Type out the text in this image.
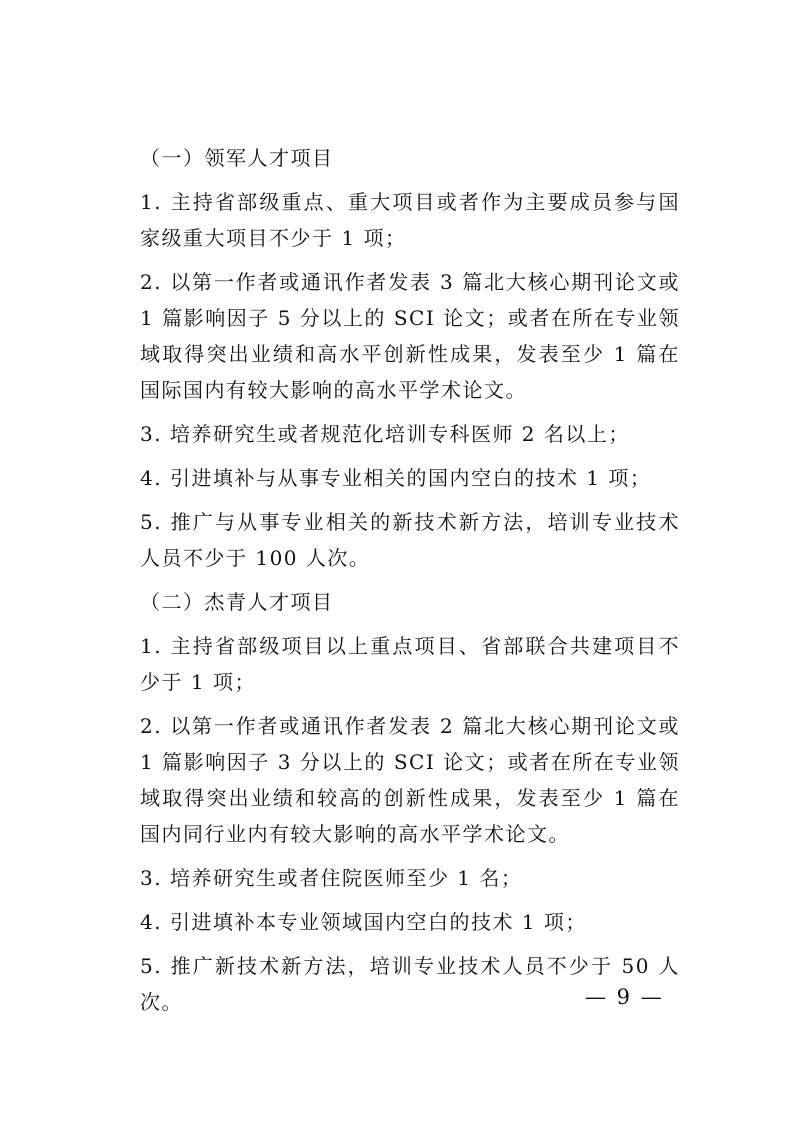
（一）领军人才项目

1. 主持省部级重点、重大项目或者作为主要成员参与国家级重大项目不少于 1 项；

2. 以第一作者或通讯作者发表 3 篇北大核心期刊论文或 1 篇影响因子 5 分以上的 SCI 论文；或者在所在专业领域取得突出业绩和高水平创新性成果，发表至少 1 篇在国际国内有较大影响的高水平学术论文。

3. 培养研究生或者规范化培训专科医师 2 名以上；

4. 引进填补与从事专业相关的国内空白的技术 1 项；

5. 推广与从事专业相关的新技术新方法，培训专业技术人员不少于 100 人次。

（二）杰青人才项目

1. 主持省部级项目以上重点项目、省部联合共建项目不少于 1 项；

2. 以第一作者或通讯作者发表 2 篇北大核心期刊论文或 1 篇影响因子 3 分以上的 SCI 论文；或者在所在专业领域取得突出业绩和较高的创新性成果，发表至少 1 篇在国内同行业内有较大影响的高水平学术论文。

3. 培养研究生或者住院医师至少 1 名；

4. 引进填补本专业领域国内空白的技术 1 项；

5. 推广新技术新方法，培训专业技术人员不少于 50 人次。	— 9 —
